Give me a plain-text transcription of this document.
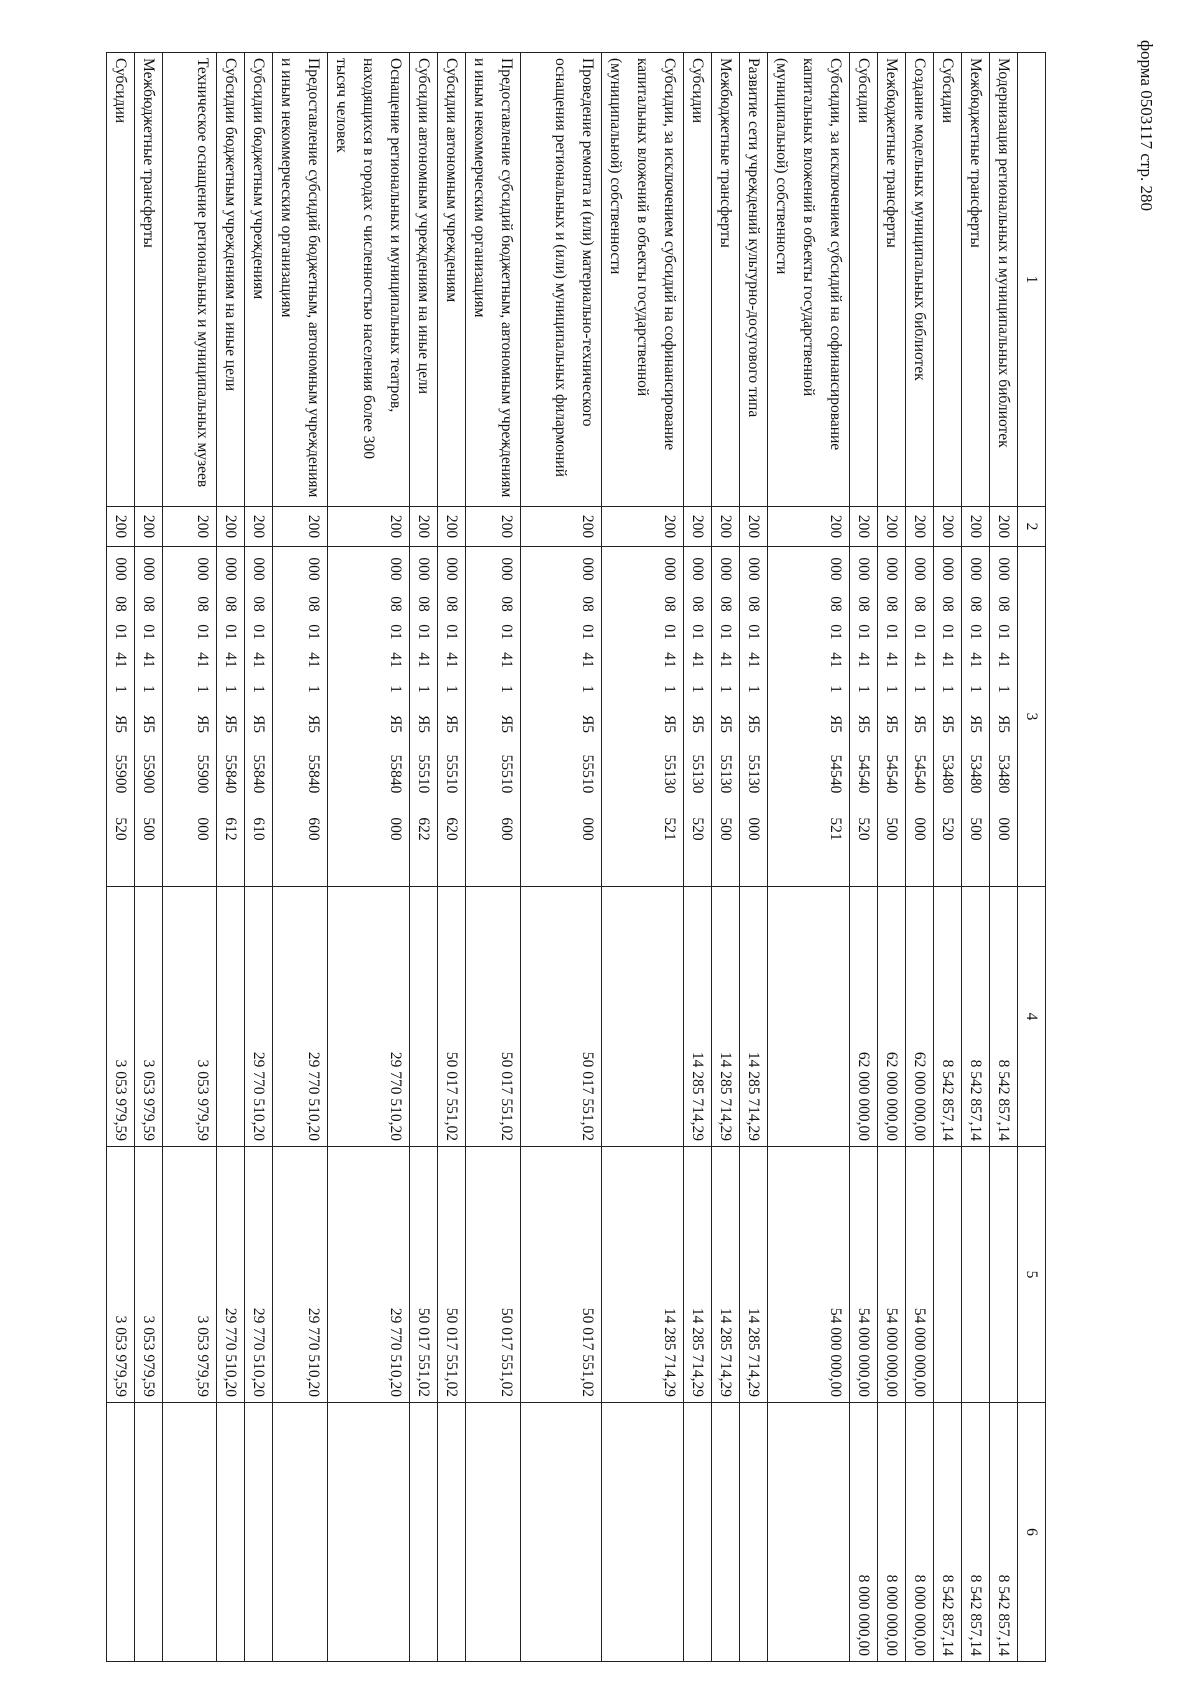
форма 0503117 стр. 280
1	2	3	4	5	6
Модернизация региональных и муниципальных библиотек	200	0000801411Я553480000	8 542 857,14		8 542 857,14
Межбюджетные трансферты	200	0000801411Я553480500	8 542 857,14		8 542 857,14
Субсидии	200	0000801411Я553480520	8 542 857,14		8 542 857,14
Создание модельных муниципальных библиотек	200	0000801411Я554540000	62 000 000,00	54 000 000,00	8 000 000,00
Межбюджетные трансферты	200	0000801411Я554540500	62 000 000,00	54 000 000,00	8 000 000,00
Субсидии	200	0000801411Я554540520	62 000 000,00	54 000 000,00	8 000 000,00
Субсидии, за исключением субсидий на софинансирование капитальных вложений в объекты государственной (муниципальной) собственности	200	0000801411Я554540521		54 000 000,00	
Развитие сети учреждений культурно-досугового типа	200	0000801411Я555130000	14 285 714,29	14 285 714,29	
Межбюджетные трансферты	200	0000801411Я555130500	14 285 714,29	14 285 714,29	
Субсидии	200	0000801411Я555130520	14 285 714,29	14 285 714,29	
Субсидии, за исключением субсидий на софинансирование капитальных вложений в объекты государственной (муниципальной) собственности	200	0000801411Я555130521		14 285 714,29	
Проведение ремонта и (или) материально-технического оснащения региональных и (или) муниципальных филармоний	200	0000801411Я555510000	50 017 551,02	50 017 551,02	
Предоставление субсидий бюджетным, автономным учреждениям и иным некоммерческим организациям	200	0000801411Я555510600	50 017 551,02	50 017 551,02	
Субсидии автономным учреждениям	200	0000801411Я555510620	50 017 551,02	50 017 551,02	
Субсидии автономным учреждениям на иные цели	200	0000801411Я555510622		50 017 551,02	
Оснащение региональных и муниципальных театров, находящихся в городах с численностью населения более 300 тысяч человек	200	0000801411Я555840000	29 770 510,20	29 770 510,20	
Предоставление субсидий бюджетным, автономным учреждениям и иным некоммерческим организациям	200	0000801411Я555840600	29 770 510,20	29 770 510,20	
Субсидии бюджетным учреждениям	200	0000801411Я555840610	29 770 510,20	29 770 510,20	
Субсидии бюджетным учреждениям на иные цели	200	0000801411Я555840612		29 770 510,20	
Техническое оснащение региональных и муниципальных музеев	200	0000801411Я555900000	3 053 979,59	3 053 979,59	
Межбюджетные трансферты	200	0000801411Я555900500	3 053 979,59	3 053 979,59	
Субсидии	200	0000801411Я555900520	3 053 979,59	3 053 979,59	
